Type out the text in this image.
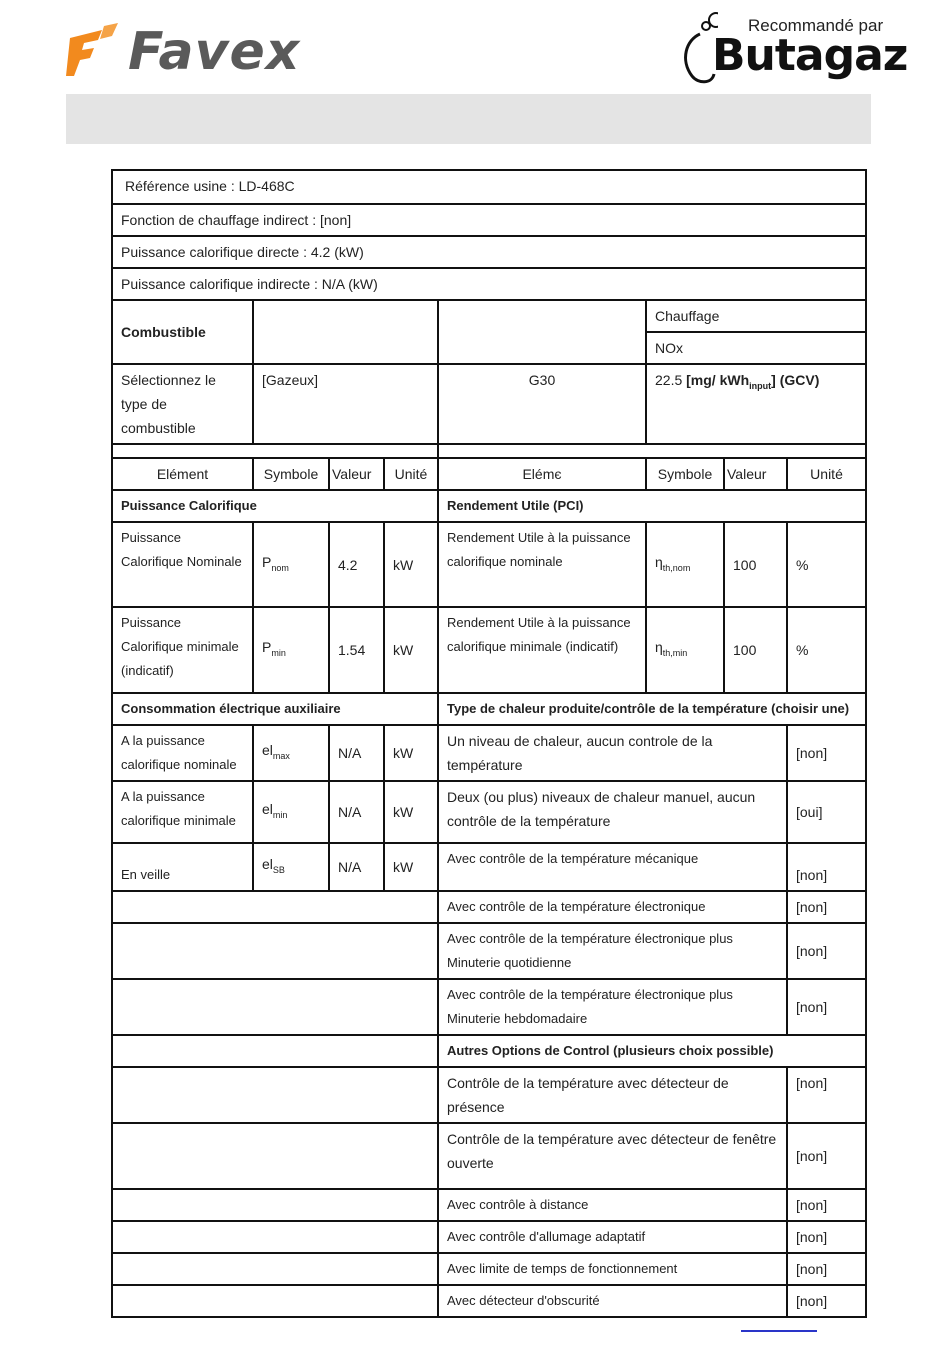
Favex	Recommandé par
Butagaz
Référence usine : LD-468C							
Fonction de chauffage indirect : [non]							
Puissance calorifique directe : 4.2 (kW)							
Puissance calorifique indirecte : N/A (kW)							
Combustible					Chauffage		
					NOx		
Sélectionnez le type de combustible	[Gazeux]			G30	22.5 [mg/ kWh$_{input}$] (GCV)		

Elément	Symbole	Valeur	Unité	Elémє	Symbole	Valeur	Unité
Puissance Calorifique				Rendement Utile (PCI)			
Puissance Calorifique Nominale	$P_{nom}$	4.2	kW	Rendement Utile à la puissance calorifique nominale	$\eta_{th,nom}$	100	%
Puissance Calorifique minimale (indicatif)	$P_{min}$	1.54	kW	Rendement Utile à la puissance calorifique minimale (indicatif)	$\eta_{th,min}$	100	%
Consommation électrique auxiliaire				Type de chaleur produite/contrôle de la température (choisir une)			
A la puissance calorifique nominale	$el_{max}$	N/A	kW	Un niveau de chaleur, aucun controle de la température			[non]
A la puissance calorifique minimale	$el_{min}$	N/A	kW	Deux (ou plus) niveaux de chaleur manuel, aucun contrôle de la température			[oui]
En veille	$el_{SB}$	N/A	kW	Avec contrôle de la température mécanique			[non]
				Avec contrôle de la température électronique			[non]
				Avec contrôle de la température électronique plus Minuterie quotidienne			[non]
				Avec contrôle de la température électronique plus Minuterie hebdomadaire			[non]
				Autres Options de Control (plusieurs choix possible)			
				Contrôle de la température avec détecteur de présence			[non]
				Contrôle de la température avec détecteur de fenêtre ouverte			[non]
				Avec contrôle à distance			[non]
				Avec contrôle d'allumage adaptatif			[non]
				Avec limite de temps de fonctionnement			[non]
				Avec détecteur d'obscurité			[non]
